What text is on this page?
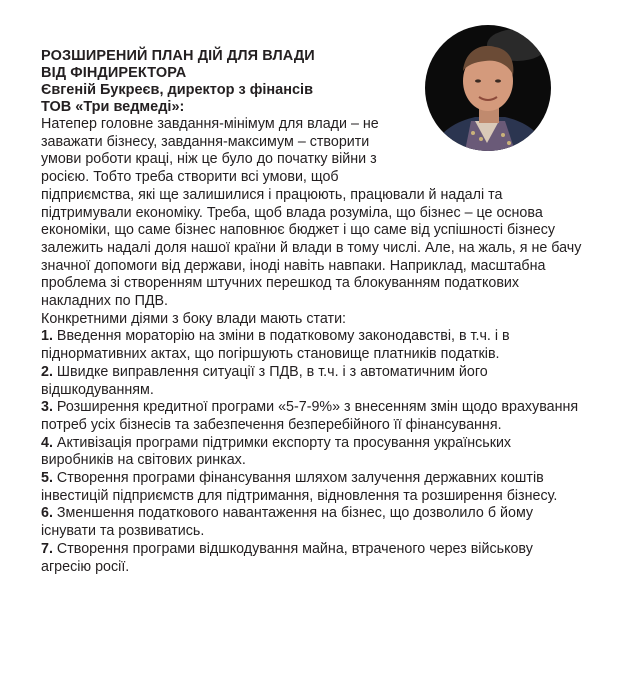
РОЗШИРЕНИЙ ПЛАН ДІЙ ДЛЯ ВЛАДИ
ВІД ФІНДИРЕКТОРА
Євгеній Букреєв, директор з фінансів
ТОВ «Три ведмеді»:

Натепер головне завдання-мінімум для влади – не заважати бізнесу, завдання-максимум – створити умови роботи краці, ніж це було до початку війни з росією. Тобто треба створити всі умови, щоб підприємства, які ще залишилися і працюють, працювали й надалі та підтримували економіку. Треба, щоб влада розуміла, що бізнес – це основа економіки, що саме бізнес наповнює бюджет і що саме від успішності бізнесу залежить надалі доля нашої країни й влади в тому числі. Але, на жаль, я не бачу значної допомоги від держави, іноді навіть навпаки. Наприклад, масштабна проблема зі створенням штучних перешкод та блокуванням податкових накладних по ПДВ.

Конкретними діями з боку влади мають стати:

1. Введення мораторію на зміни в податковому законодавстві, в т.ч. і в підноpмативних актах, що погіршують становище платників податків.
2. Швидке виправлення ситуації з ПДВ, в т.ч. і з автоматичним його відшкодуванням.
3. Розширення кредитної програми «5-7-9%» з внесенням змін щодо врахування потреб усіх бізнесів та забезпечення безперебійного її фінансування.
4. Активізація програми підтримки експорту та просування українських виробників на світових ринках.
5. Створення програми фінансування шляхом залучення державних коштів інвестицій підприємств для підтримання, відновлення та розширення бізнесу.
6. Зменшення податкового навантаження на бізнес, що дозволило б йому існувати та розвиватись.
7. Створення програми відшкодування майна, втраченого через військову агресію росії.
